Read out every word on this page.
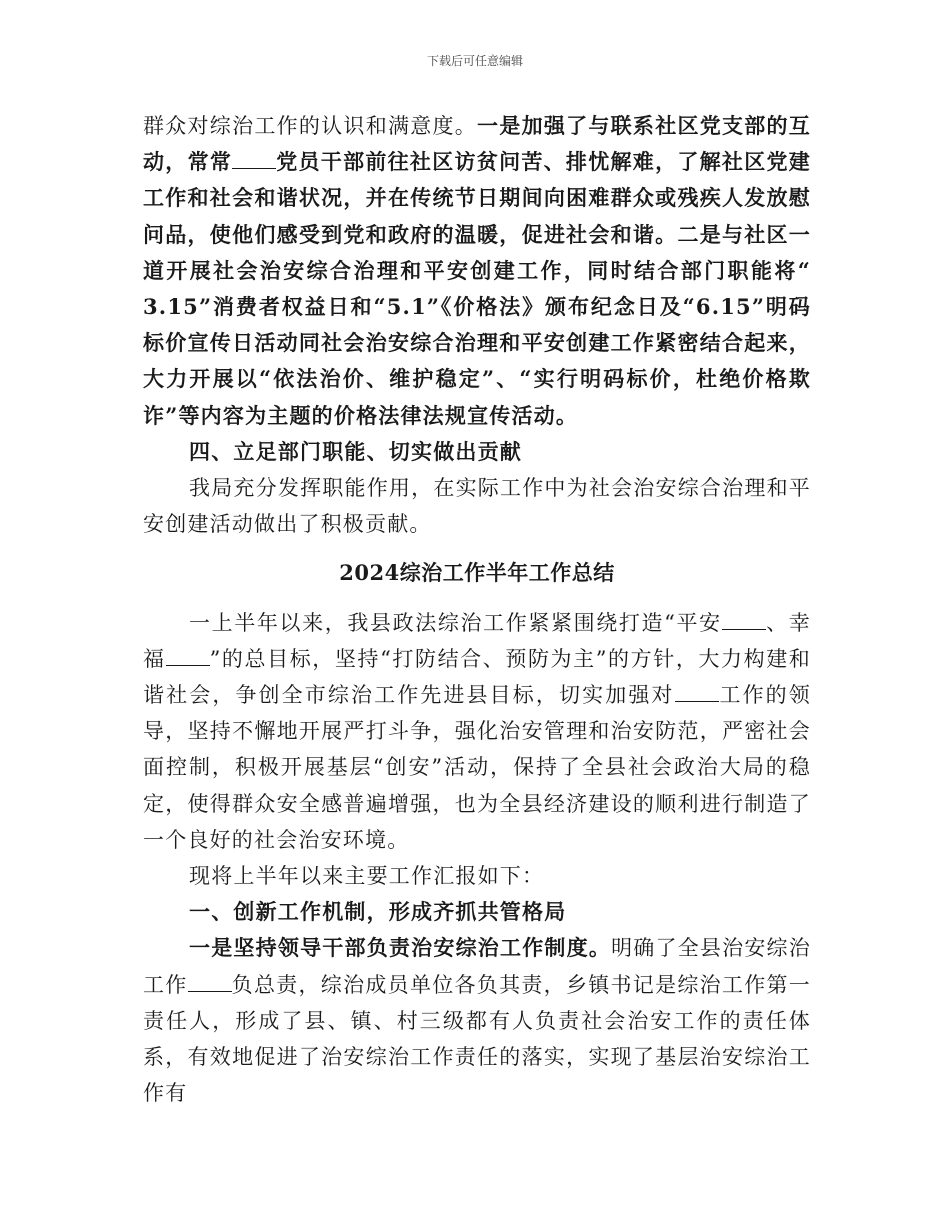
下载后可任意编辑

群众对综治工作的认识和满意度。一是加强了与联系社区党支部的互动，常常 党员干部前往社区访贫问苦、排忧解难，了解社区党建工作和社会和谐状况，并在传统节日期间向困难群众或残疾人发放慰问品，使他们感受到党和政府的温暖，促进社会和谐。二是与社区一道开展社会治安综合治理和平安创建工作，同时结合部门职能将“ 3.15”消费者权益日和“5.1”《价格法》颁布纪念日及“6.15”明码标价宣传日活动同社会治安综合治理和平安创建工作紧密结合起来，大力开展以“依法治价、维护稳定”、“实行明码标价，杜绝价格欺诈”等内容为主题的价格法律法规宣传活动。

四、立足部门职能、切实做出贡献

我局充分发挥职能作用，在实际工作中为社会治安综合治理和平安创建活动做出了积极贡献。

2024综治工作半年工作总结

一上半年以来，我县政法综治工作紧紧围绕打造“平安 、幸福 ”的总目标，坚持“打防结合、预防为主”的方针，大力构建和谐社会，争创全市综治工作先进县目标，切实加强对 工作的领导，坚持不懈地开展严打斗争，强化治安管理和治安防范，严密社会面控制，积极开展基层“创安”活动，保持了全县社会政治大局的稳定，使得群众安全感普遍增强，也为全县经济建设的顺利进行制造了一个良好的社会治安环境。

现将上半年以来主要工作汇报如下：

一、创新工作机制，形成齐抓共管格局

一是坚持领导干部负责治安综治工作制度。明确了全县治安综治工作 负总责，综治成员单位各负其责，乡镇书记是综治工作第一责任人，形成了县、镇、村三级都有人负责社会治安工作的责任体系，有效地促进了治安综治工作责任的落实，实现了基层治安综治工作有
